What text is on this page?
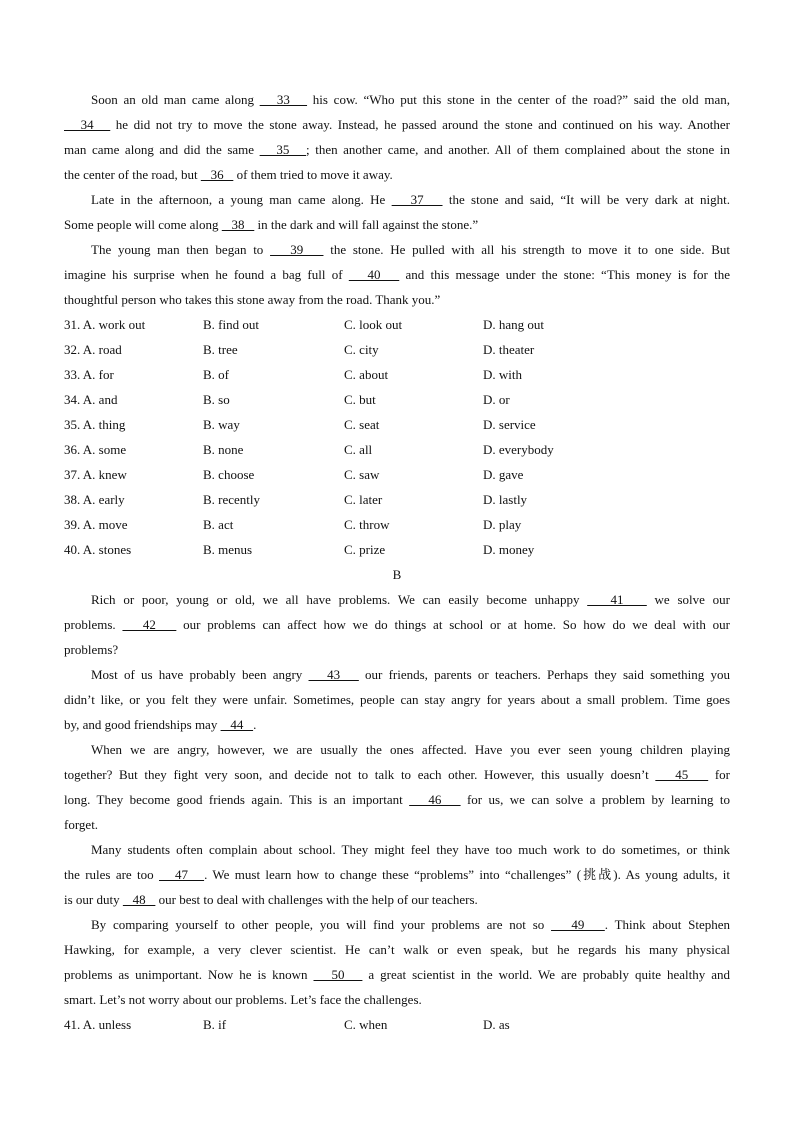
Soon an old man came along    33    his cow. “Who put this stone in the center of the road?” said the old man,
34    he did not try to move the stone away. Instead, he passed around the stone and continued on his way. Another
man came along and did the same    35   ; then another came, and another. All of them complained about the stone in
the center of the road, but    36    of them tried to move it away.
Late in the afternoon, a young man came along. He    37    the stone and said, “It will be very dark at night.
Some people will come along    38    in the dark and will fall against the stone.”
The young man then began to    39    the stone. He pulled with all his strength to move it to one side. But
imagine his surprise when he found a bag full of    40    and this message under the stone: “This money is for the
thoughtful person who takes this stone away from the road. Thank you.”
31. A. work out	B. find out	C. look out	D. hang out
32. A. road	B. tree	C. city	D. theater
33. A. for	B. of	C. about	D. with
34. A. and	B. so	C. but	D. or
35. A. thing	B. way	C. seat	D. service
36. A. some	B. none	C. all	D. everybody
37. A. knew	B. choose	C. saw	D. gave
38. A. early	B. recently	C. later	D. lastly
39. A. move	B. act	C. throw	D. play
40. A. stones	B. menus	C. prize	D. money
B
Rich or poor, young or old, we all have problems. We can easily become unhappy    41    we solve our
problems.    42    our problems can affect how we do things at school or at home. So how do we deal with our
problems?
Most of us have probably been angry    43    our friends, parents or teachers. Perhaps they said something you
didn’t like, or you felt they were unfair. Sometimes, people can stay angry for years about a small problem. Time goes
by, and good friendships may    44   .
When we are angry, however, we are usually the ones affected. Have you ever seen young children playing
together? But they fight very soon, and decide not to talk to each other. However, this usually doesn’t    45    for
long. They become good friends again. This is an important    46    for us, we can solve a problem by learning to
forget.
Many students often complain about school. They might feel they have too much work to do sometimes, or think
the rules are too    47   . We must learn how to change these “problems” into “challenges” (挑战). As young adults, it
is our duty    48    our best to deal with challenges with the help of our teachers.
By comparing yourself to other people, you will find your problems are not so    49   . Think about Stephen
Hawking, for example, a very clever scientist. He can’t walk or even speak, but he regards his many physical
problems as unimportant. Now he is known    50    a great scientist in the world. We are probably quite healthy and
smart. Let’s not worry about our problems. Let’s face the challenges.
41. A. unless	B. if	C. when	D. as
